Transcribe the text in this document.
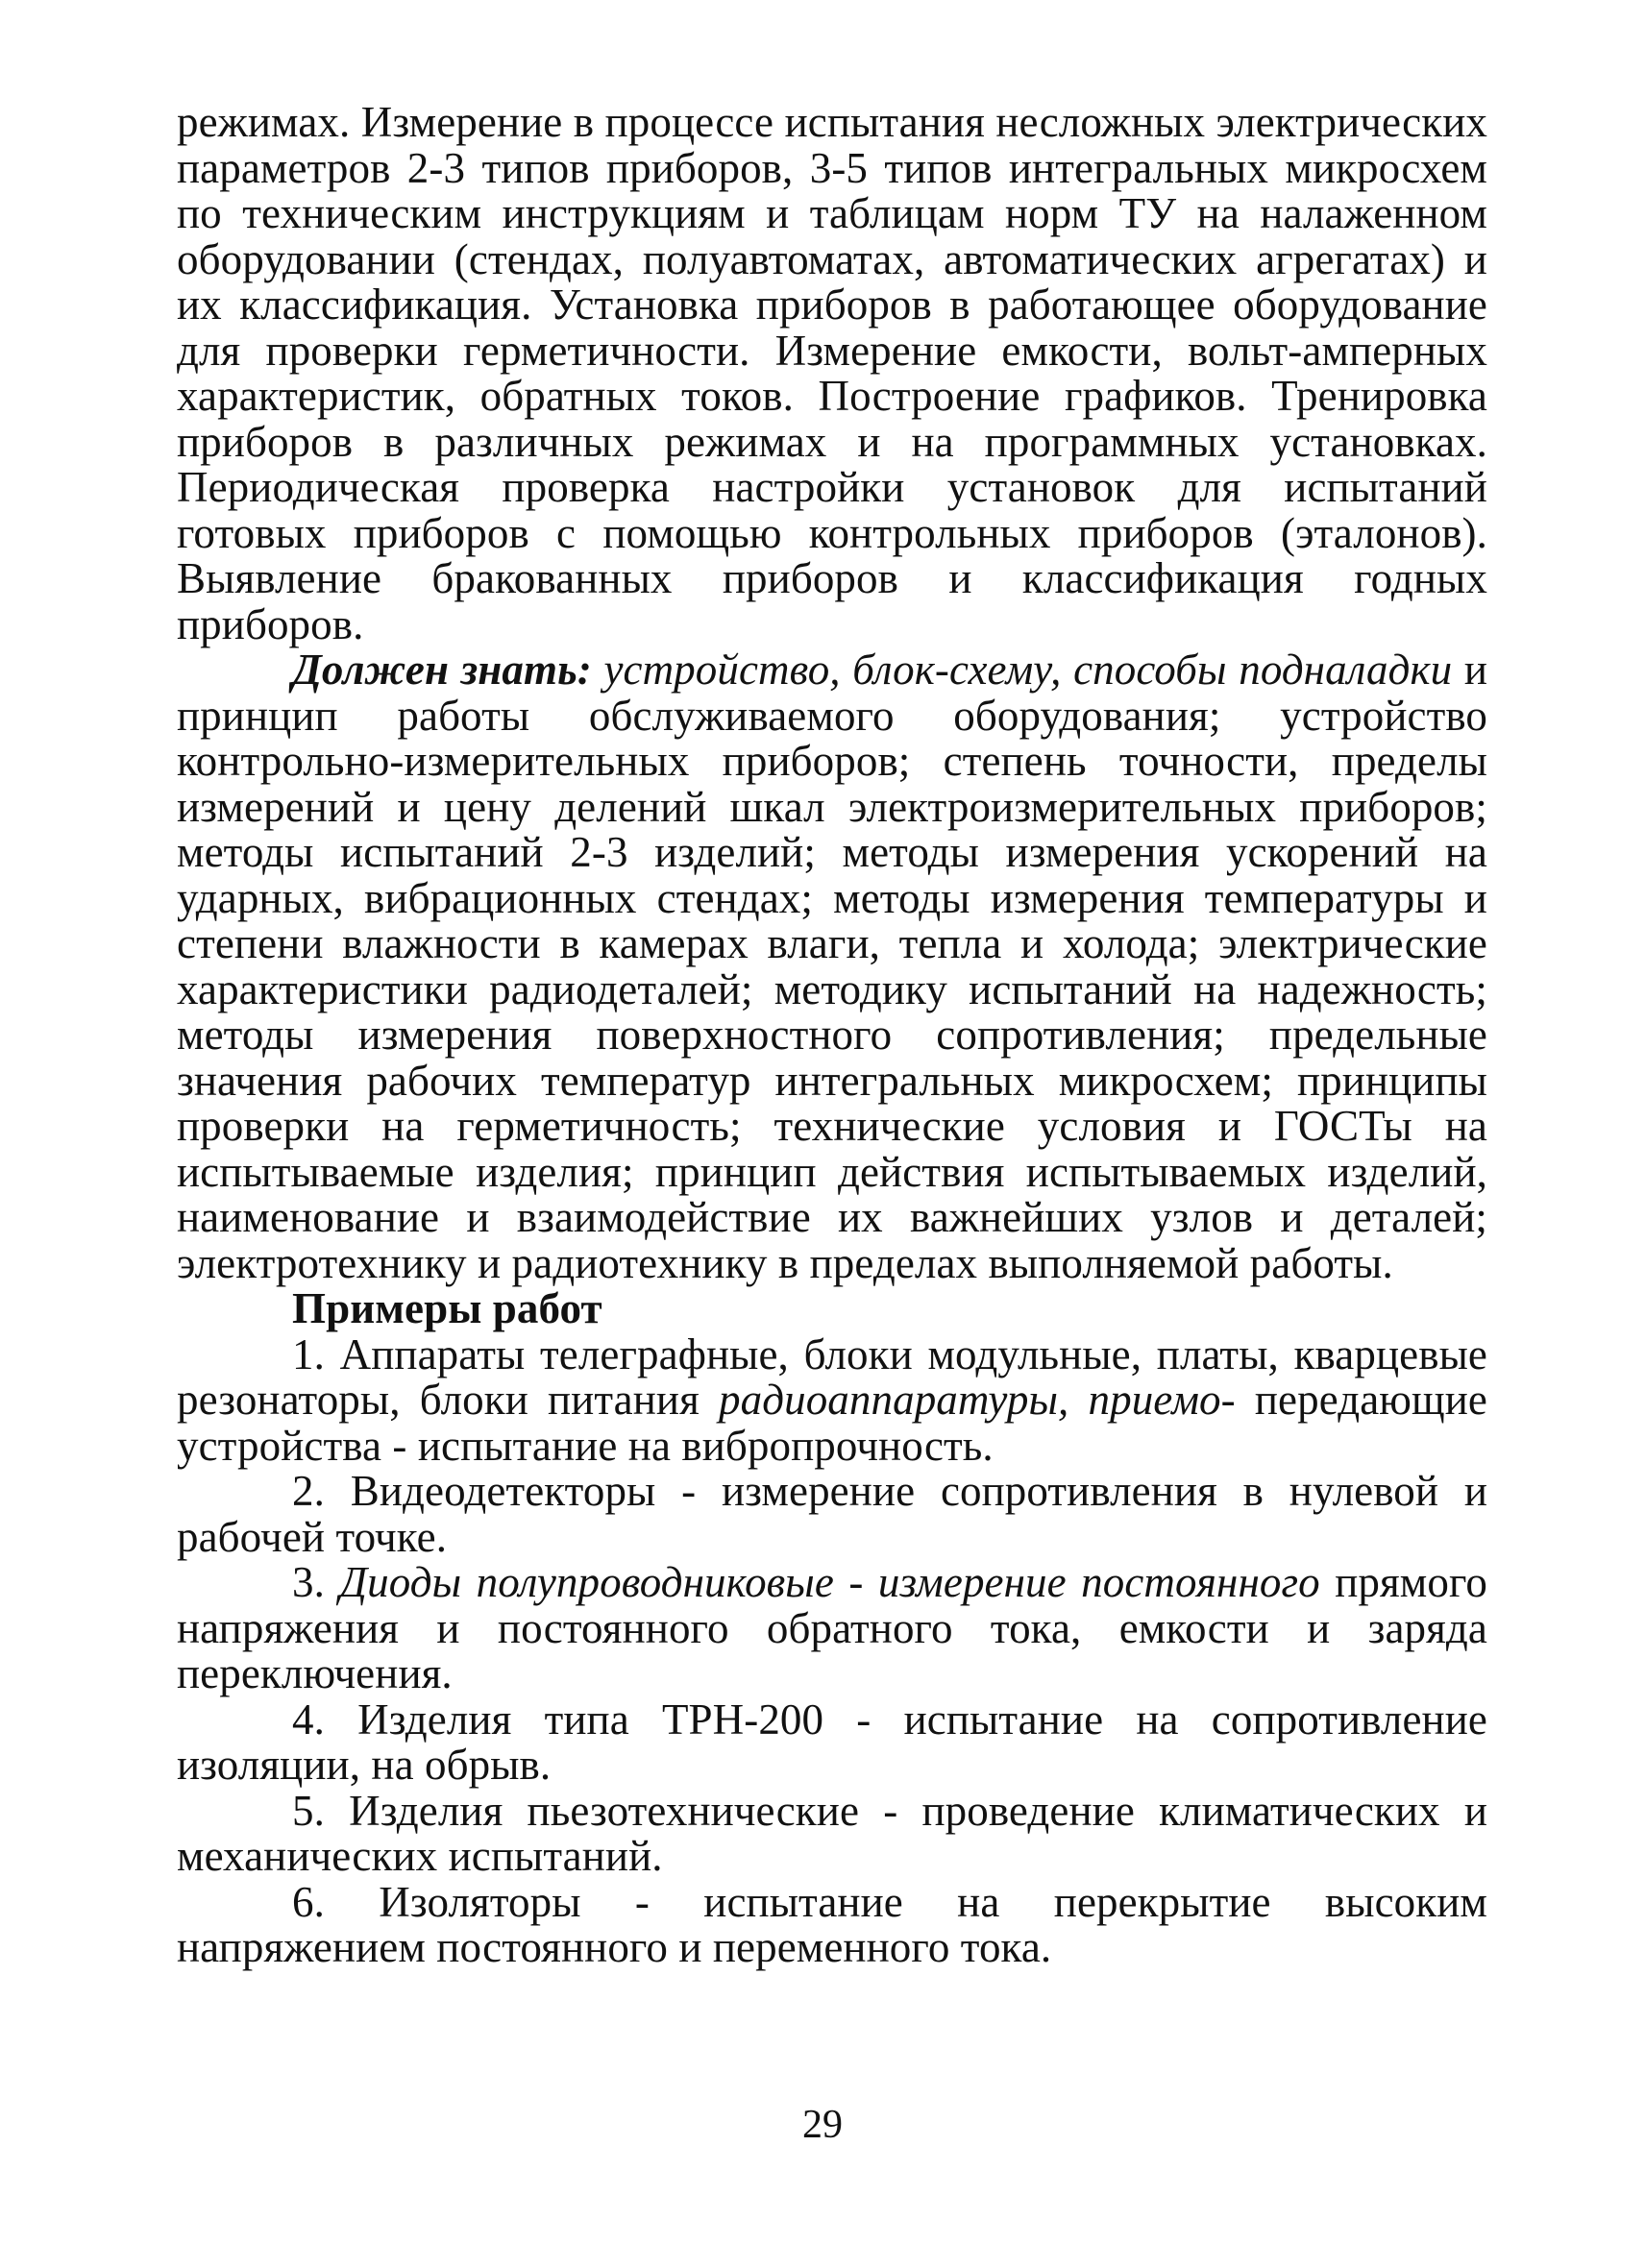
режимах. Измерение в процессе испытания несложных электрических параметров 2-3 типов приборов, 3-5 типов интегральных микросхем по техническим инструкциям и таблицам норм ТУ на налаженном оборудовании (стендах, полуавтоматах, автоматических агрегатах) и их классификация. Установка приборов в работающее оборудование для проверки герметичности. Измерение емкости, вольт-амперных характеристик, обратных токов. Построение графиков. Тренировка приборов в различных режимах и на программных установках. Периодическая проверка настройки установок для испытаний готовых приборов с помощью контрольных приборов (эталонов). Выявление бракованных приборов и классификация годных приборов.

Должен знать: устройство, блок-схему, способы подналадки и принцип работы обслуживаемого оборудования; устройство контрольно-измерительных приборов; степень точности, пределы измерений и цену делений шкал электроизмерительных приборов; методы испытаний 2-3 изделий; методы измерения ускорений на ударных, вибрационных стендах; методы измерения температуры и степени влажности в камерах влаги, тепла и холода; электрические характеристики радиодеталей; методику испытаний на надежность; методы измерения поверхностного сопротивления; предельные значения рабочих температур интегральных микросхем; принципы проверки на герметичность; технические условия и ГОСТы на испытываемые изделия; принцип действия испытываемых изделий, наименование и взаимодействие их важнейших узлов и деталей; электротехнику и радиотехнику в пределах выполняемой работы.

Примеры работ

1. Аппараты телеграфные, блоки модульные, платы, кварцевые резонаторы, блоки питания радиоаппаратуры, приемо- передающие устройства - испытание на вибропрочность.

2. Видеодетекторы - измерение сопротивления в нулевой и рабочей точке.

3. Диоды полупроводниковые - измерение постоянного прямого напряжения и постоянного обратного тока, емкости и заряда переключения.

4. Изделия типа ТРН-200 - испытание на сопротивление изоляции, на обрыв.

5. Изделия пьезотехнические - проведение климатических и механических испытаний.

6. Изоляторы - испытание на перекрытие высоким напряжением постоянного и переменного тока.

29
